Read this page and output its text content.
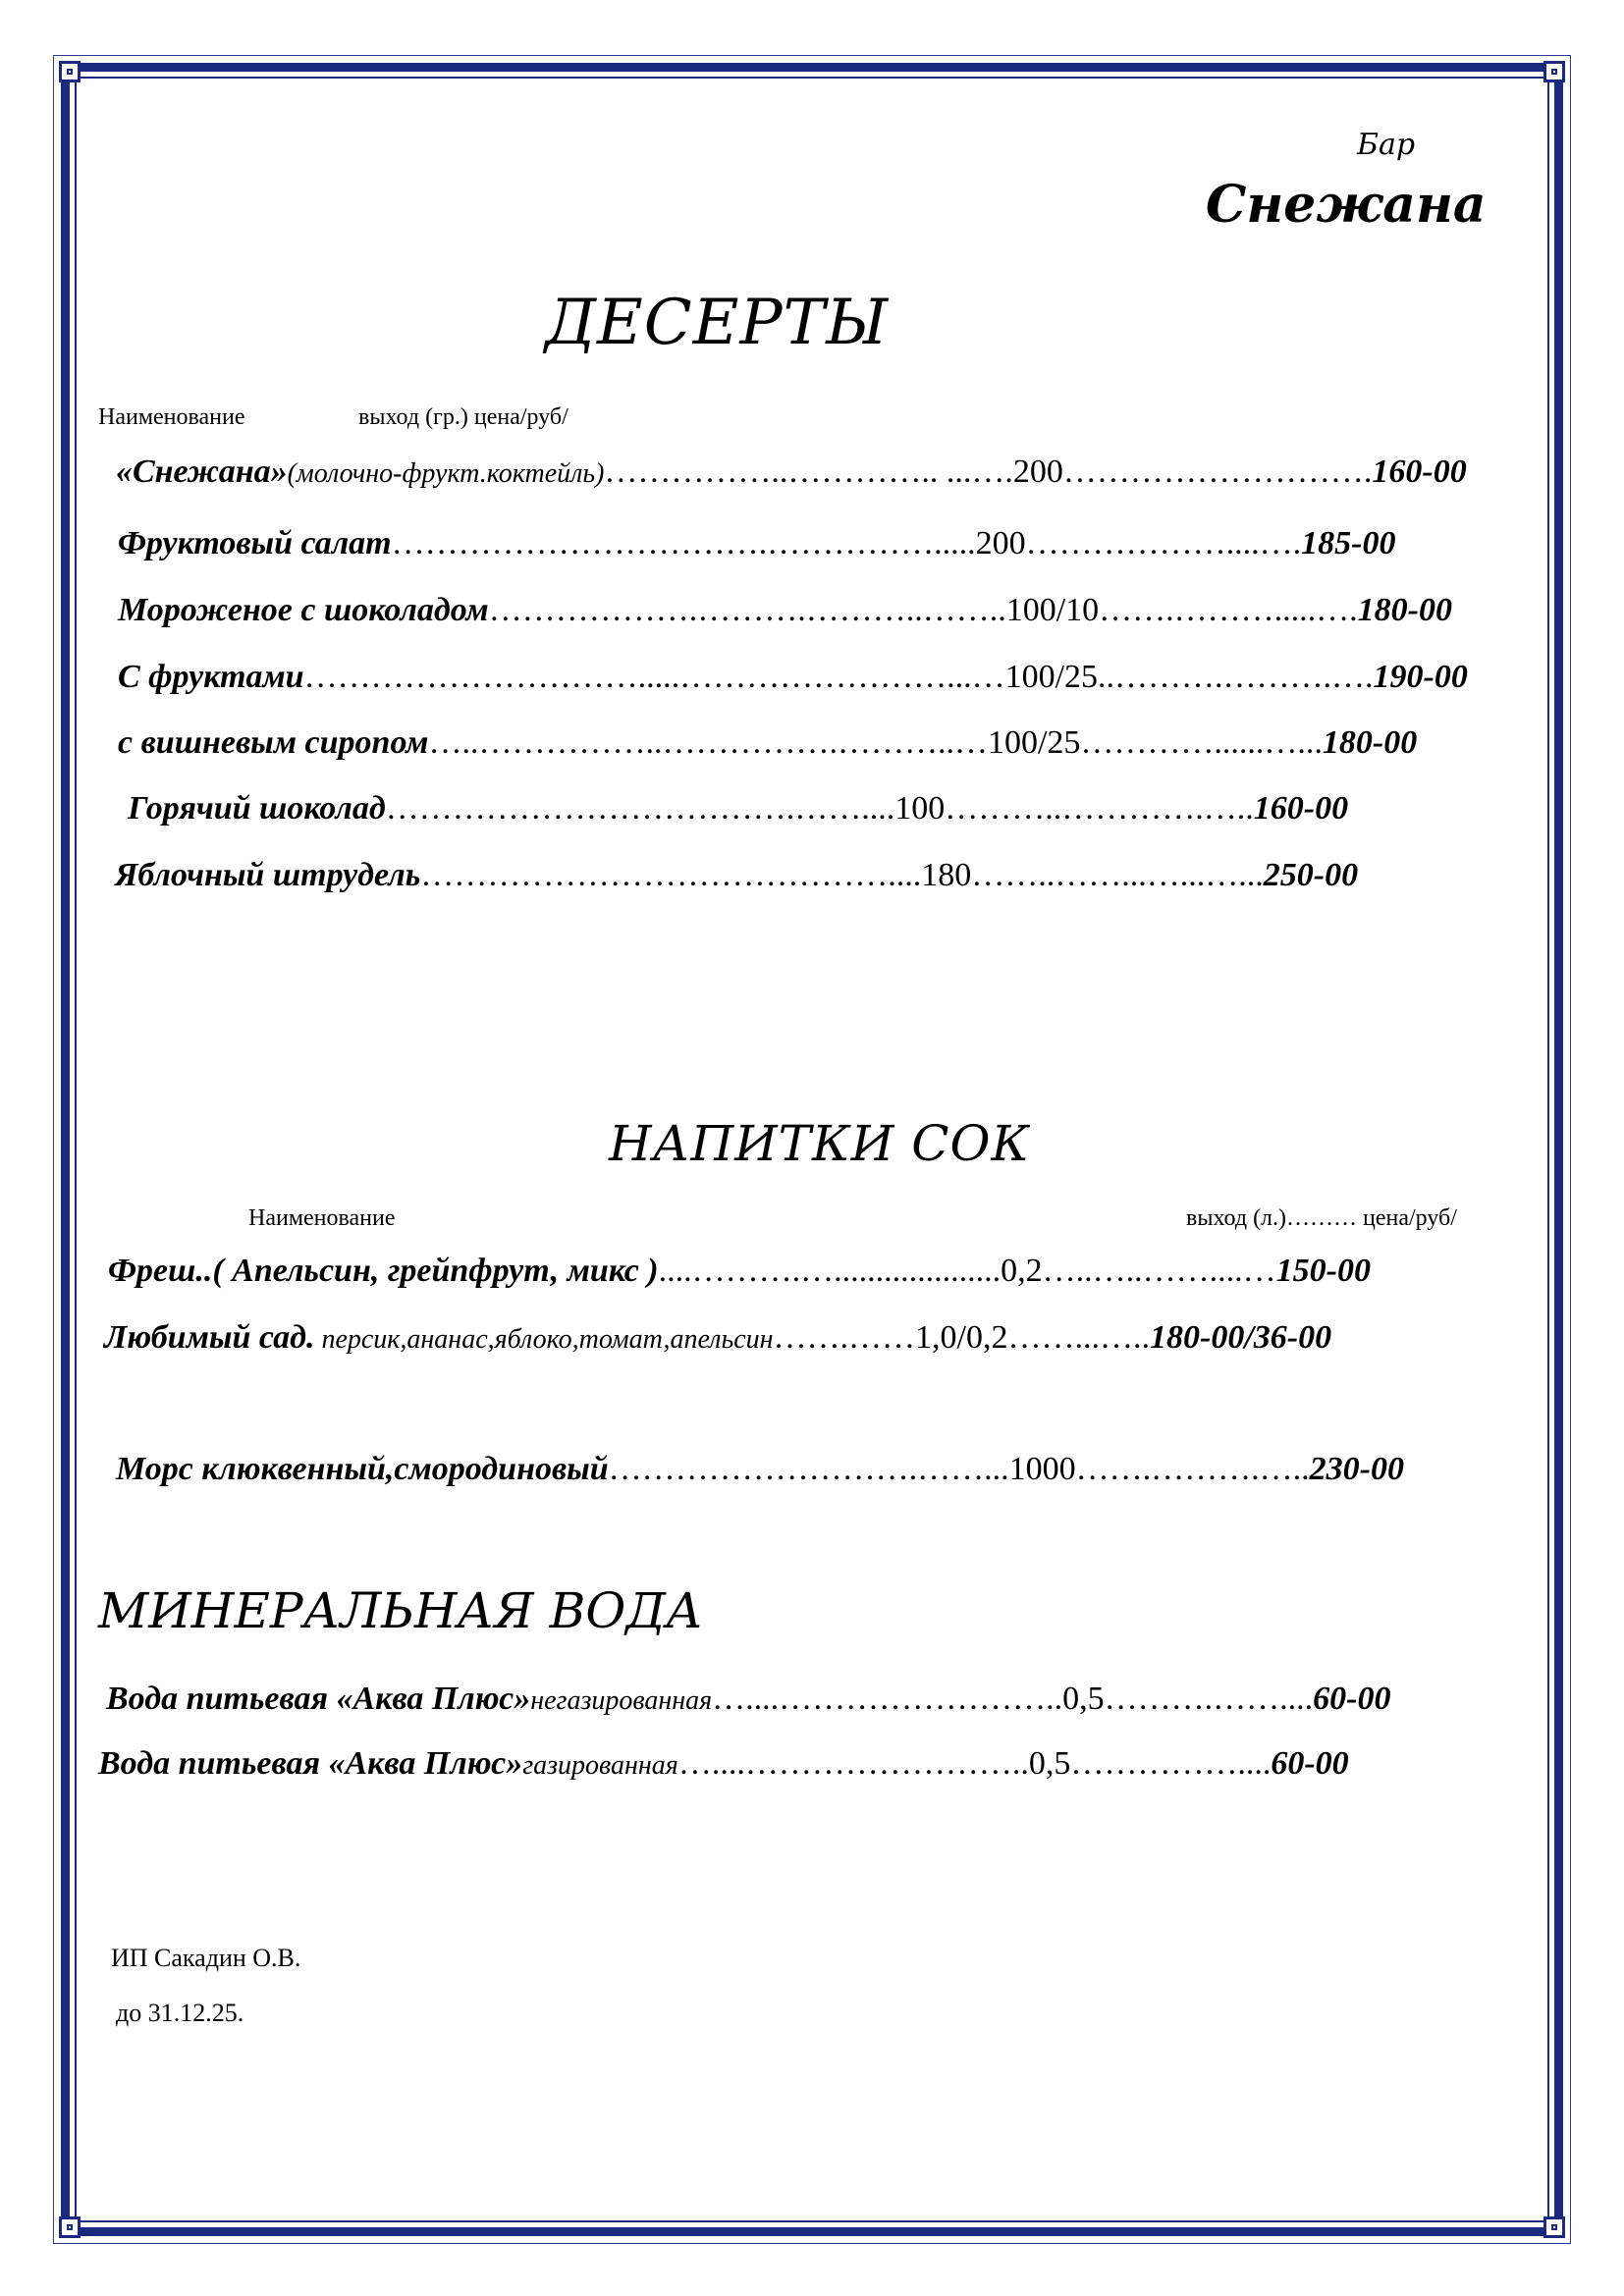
Бар
Снежана
ДЕСЕРТЫ
Наименование	выход (гр.) цена/руб/
«Снежана»(молочно-фрукт.коктейль)……………..………….. ...….200……………………….160-00
Фруктовый салат…………………………….…………….....200………………....….185-00
Мороженое с шоколадом……………….……….………..……..100/10…….……….....….180-00
С фруктами………………………….....……………………...…100/25..……….……….….190-00
с вишневым сиропом…..……………..…………….………..…100/25…………......…...180-00
Горячий шоколад……………………………….……....100………..………….…..160-00
Яблочный штрудель……………………………………....180……..……...…...…...250-00
НАПИТКИ СОК
Наименование	выход (л.)……… цена/руб/
Фреш..( Апельсин, грейпфрут, микс )....……….…....................0,2…..…..……....…150-00
Любимый сад. персик,ананас,яблоко,томат,апельсин…….……1,0/0,2……...…..180-00/36-00
Морс клюквенный,смородиновый……………………….……...1000…….……….…..230-00
МИНЕРАЛЬНАЯ ВОДА
Вода питьевая «Аква Плюс»негазированная…....……………………..0,5……….……....60-00
Вода питьевая «Аква Плюс»газированная…....……………………..0,5……………....60-00
ИП Сакадин О.В.
до 31.12.25.
